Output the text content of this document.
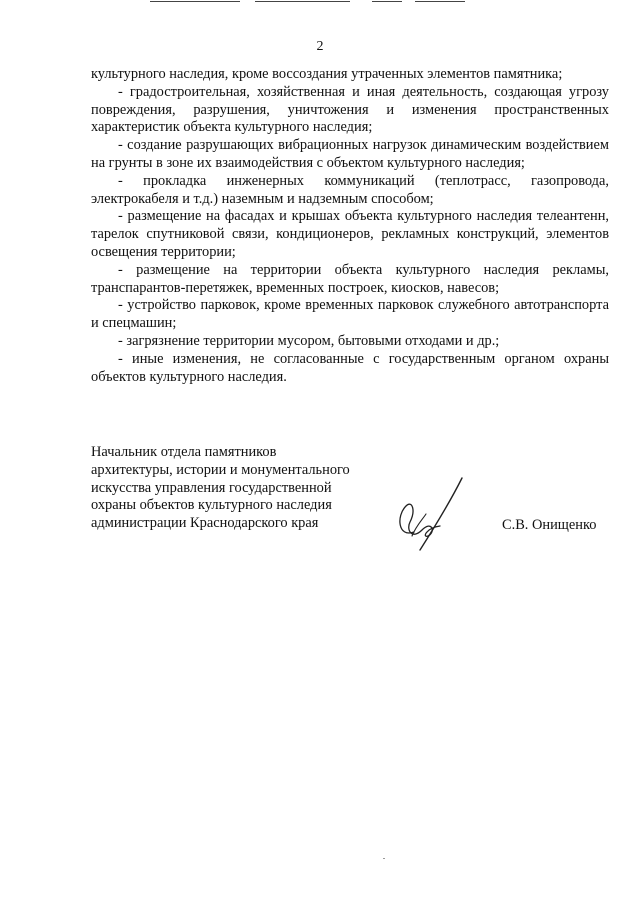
2

культурного наследия, кроме воссоздания утраченных элементов памятника;

- градостроительная, хозяйственная и иная деятельность, создающая угрозу повреждения, разрушения, уничтожения и изменения пространственных характеристик объекта культурного наследия;

- создание разрушающих вибрационных нагрузок динамическим воздействием на грунты в зоне их взаимодействия с объектом культурного наследия;

- прокладка инженерных коммуникаций (теплотрасс, газопровода, электрокабеля и т.д.) наземным и надземным способом;

- размещение на фасадах и крышах объекта культурного наследия телеантенн, тарелок спутниковой связи, кондиционеров, рекламных конструкций, элементов освещения территории;

- размещение на территории объекта культурного наследия рекламы, транспарантов-перетяжек, временных построек, киосков, навесов;

- устройство парковок, кроме временных парковок служебного автотранспорта и спецмашин;

- загрязнение территории мусором, бытовыми отходами и др.;

- иные изменения, не согласованные с государственным органом охраны объектов культурного наследия.

Начальник отдела памятников
архитектуры, истории и монументального
искусства управления государственной
охраны объектов культурного наследия
администрации Краснодарского края	С.В. Онищенко
